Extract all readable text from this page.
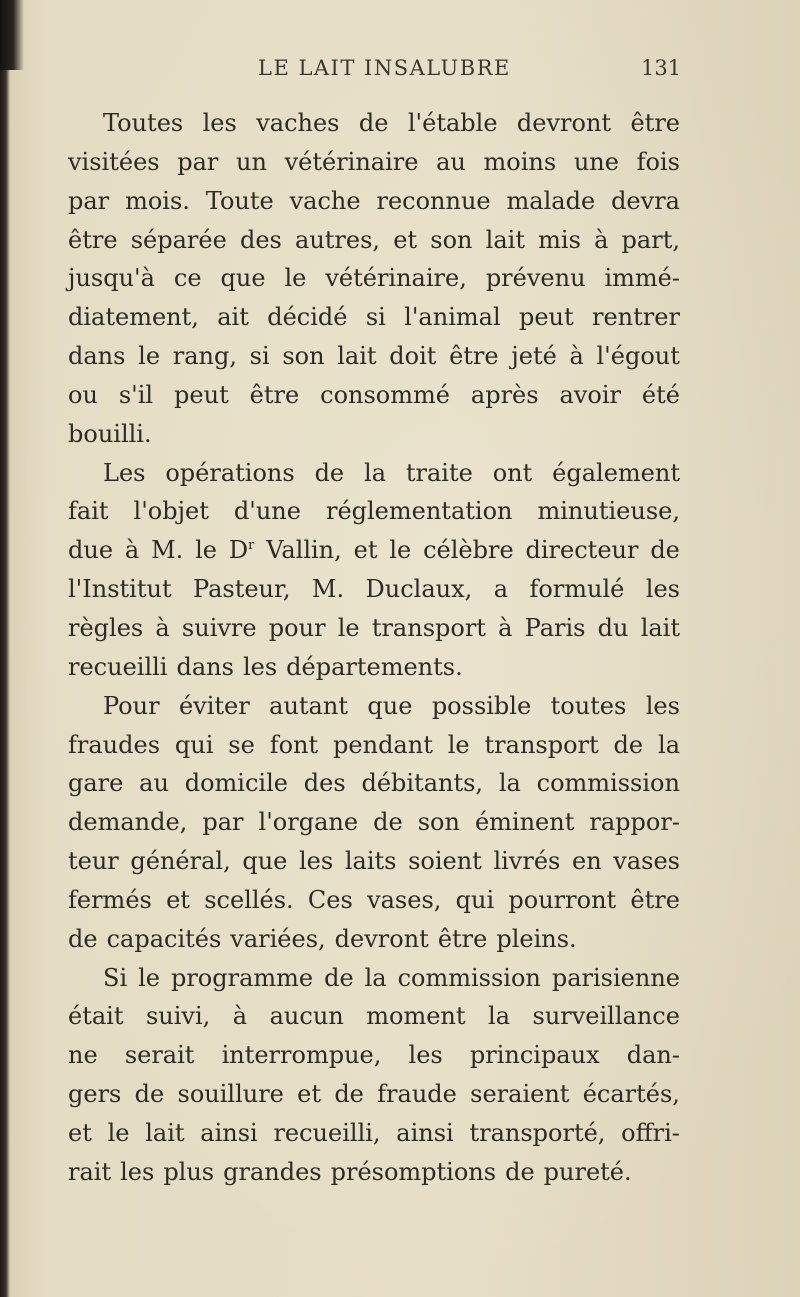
LE LAIT INSALUBRE	131
Toutes les vaches de l'étable devront être
visitées par un vétérinaire au moins une fois
par mois. Toute vache reconnue malade devra
être séparée des autres, et son lait mis à part,
jusqu'à ce que le vétérinaire, prévenu immé-
diatement, ait décidé si l'animal peut rentrer
dans le rang, si son lait doit être jeté à l'égout
ou s'il peut être consommé après avoir été
bouilli.
Les opérations de la traite ont également
fait l'objet d'une réglementation minutieuse,
due à M. le $D^r$ Vallin, et le célèbre directeur de
l'Institut Pasteur, M. Duclaux, a formulé les
règles à suivre pour le transport à Paris du lait
recueilli dans les départements.
Pour éviter autant que possible toutes les
fraudes qui se font pendant le transport de la
gare au domicile des débitants, la commission
demande, par l'organe de son éminent rappor-
teur général, que les laits soient livrés en vases
fermés et scellés. Ces vases, qui pourront être
de capacités variées, devront être pleins.
Si le programme de la commission parisienne
était suivi, à aucun moment la surveillance
ne serait interrompue, les principaux dan-
gers de souillure et de fraude seraient écartés,
et le lait ainsi recueilli, ainsi transporté, offri-
rait les plus grandes présomptions de pureté.
